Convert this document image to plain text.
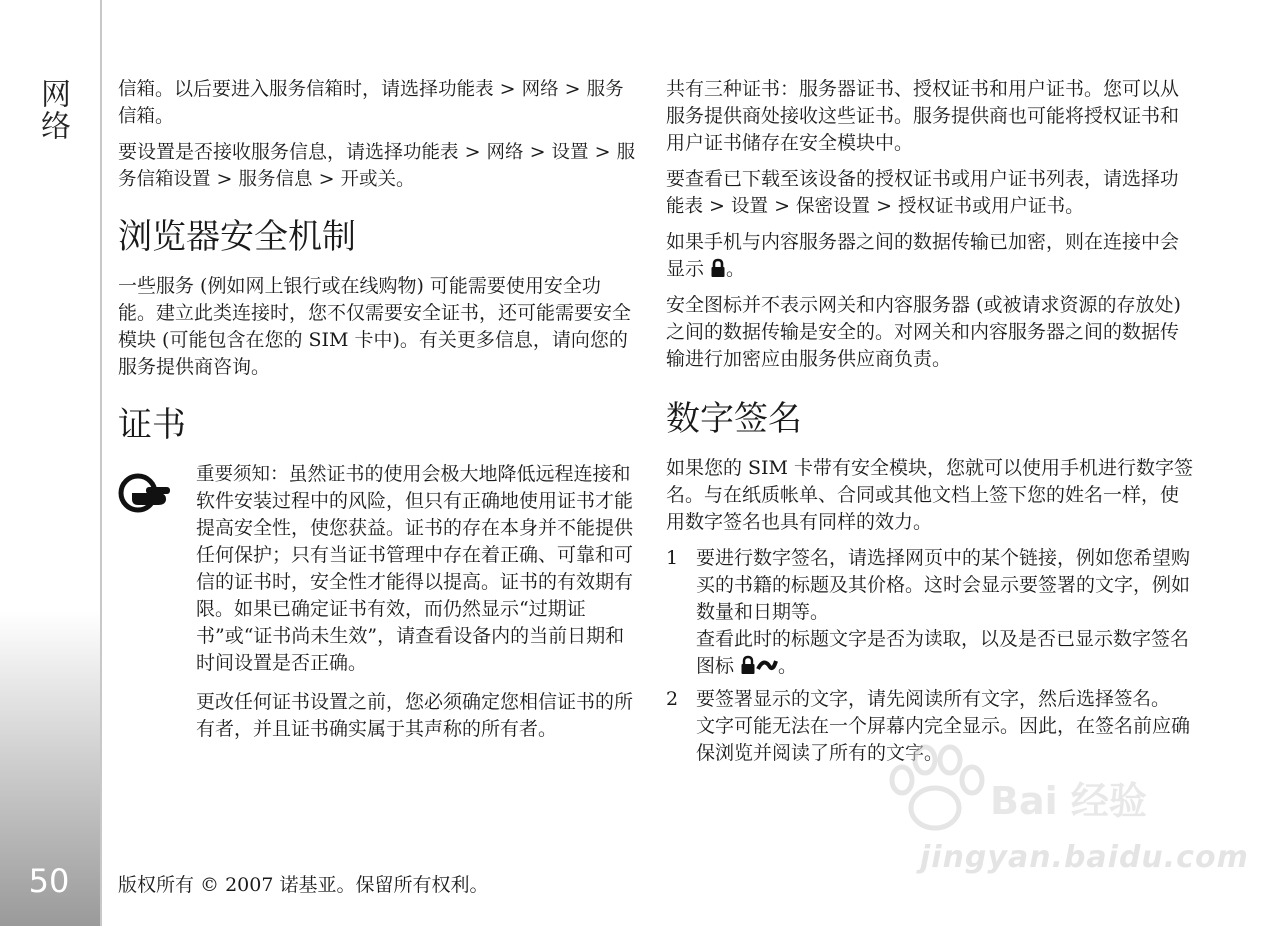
网络
50

信箱。以后要进入服务信箱时，请选择功能表 > 网络 > 服务信箱。

要设置是否接收服务信息，请选择功能表 > 网络 > 设置 > 服务信箱设置 > 服务信息 > 开或关。

浏览器安全机制

一些服务 (例如网上银行或在线购物) 可能需要使用安全功能。建立此类连接时，您不仅需要安全证书，还可能需要安全模块 (可能包含在您的 SIM 卡中)。有关更多信息，请向您的服务提供商咨询。

证书

重要须知：虽然证书的使用会极大地降低远程连接和软件安装过程中的风险，但只有正确地使用证书才能提高安全性，使您获益。证书的存在本身并不能提供任何保护；只有当证书管理中存在着正确、可靠和可信的证书时，安全性才能得以提高。证书的有效期有限。如果已确定证书有效，而仍然显示“过期证书”或“证书尚未生效”，请查看设备内的当前日期和时间设置是否正确。

更改任何证书设置之前，您必须确定您相信证书的所有者，并且证书确实属于其声称的所有者。

共有三种证书：服务器证书、授权证书和用户证书。您可以从服务提供商处接收这些证书。服务提供商也可能将授权证书和用户证书储存在安全模块中。

要查看已下载至该设备的授权证书或用户证书列表，请选择功能表 > 设置 > 保密设置 > 授权证书或用户证书。

如果手机与内容服务器之间的数据传输已加密，则在连接中会显示 。

安全图标并不表示网关和内容服务器 (或被请求资源的存放处) 之间的数据传输是安全的。对网关和内容服务器之间的数据传输进行加密应由服务供应商负责。

数字签名

如果您的 SIM 卡带有安全模块，您就可以使用手机进行数字签名。与在纸质帐单、合同或其他文档上签下您的姓名一样，使用数字签名也具有同样的效力。

1 要进行数字签名，请选择网页中的某个链接，例如您希望购买的书籍的标题及其价格。这时会显示要签署的文字，例如数量和日期等。
查看此时的标题文字是否为读取，以及是否已显示数字签名图标 。
2 要签署显示的文字，请先阅读所有文字，然后选择签名。
文字可能无法在一个屏幕内完全显示。因此，在签名前应确保浏览并阅读了所有的文字。
版权所有 © 2007 诺基亚。保留所有权利。
Bai 经验
jingyan.baidu.com
